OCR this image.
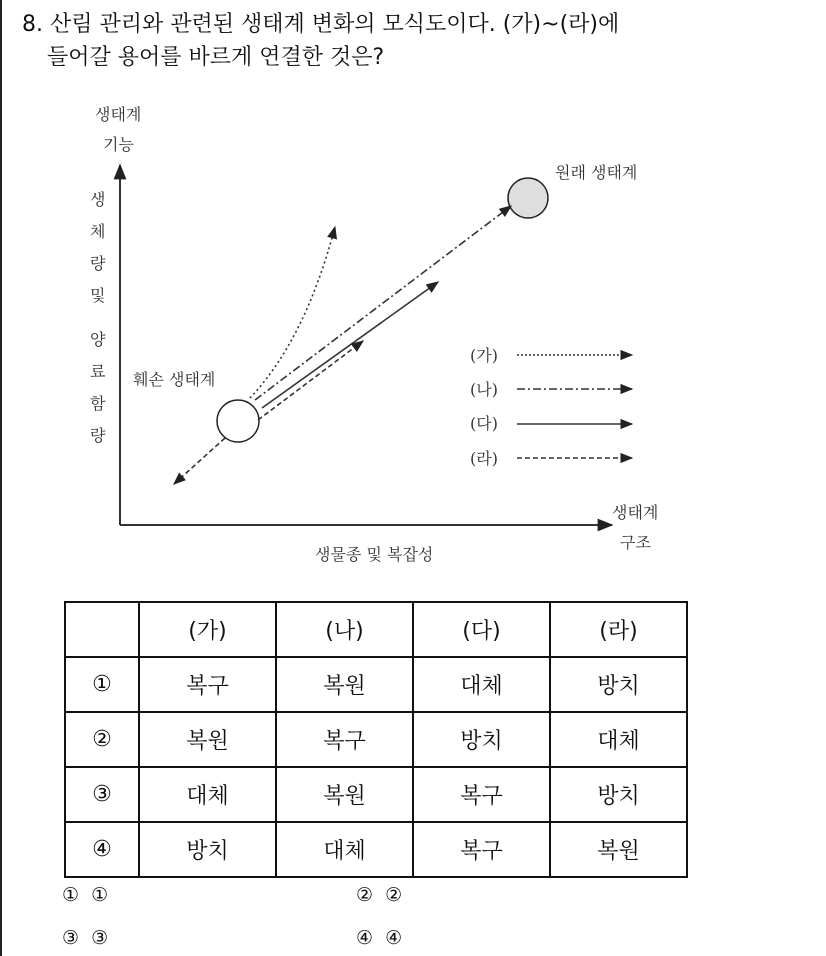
8. 산림 관리와 관련된 생태계 변화의 모식도이다. (가)~(라)에
들어갈 용어를 바르게 연결한 것은?
생태계
기능
생
체
량
및
양
료
함
량
생태계
구조
생물종 및 복잡성
원래 생태계
훼손 생태계
(가)
(나)
(다)
(라)
	(가)	(나)	(다)	(라)
①	복구	복원	대체	방치
②	복원	복구	방치	대체
③	대체	복원	복구	방치
④	방치	대체	복구	복원
① ①	② ②
③ ③	④ ④
